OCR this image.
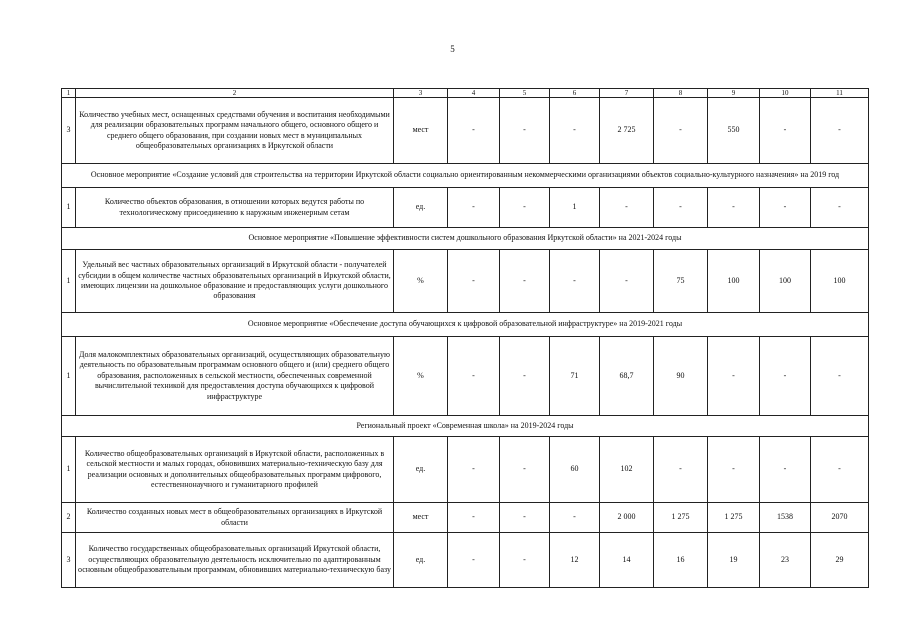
5
1	2	3	4	5	6	7	8	9	10	11
3	Количество учебных мест, оснащенных средствами обучения и воспитания необходимыми для реализации образовательных программ начального общего, основного общего и среднего общего образования, при создании новых мест в муниципальных общеобразовательных организациях в Иркутской области	мест	-	-	-	2 725	-	550	-	-
Основное мероприятие «Создание условий для строительства на территории Иркутской области социально ориентированным некоммерческими организациями объектов социально-культурного назначения» на 2019 год										
1	Количество объектов образования, в отношении которых ведутся работы по технологическому присоединению к наружным инженерным сетам	ед.	-	-	1	-	-	-	-	-
Основное мероприятие «Повышение эффективности систем дошкольного образования Иркутской области» на 2021-2024 годы										
1	Удельный вес частных образовательных организаций в Иркутской области - получателей субсидии в общем количестве частных образовательных организаций в Иркутской области, имеющих лицензии на дошкольное образование и предоставляющих услуги дошкольного образования	%	-	-	-	-	75	100	100	100
Основное мероприятие «Обеспечение доступа обучающихся к цифровой образовательной инфраструктуре» на 2019-2021 годы										
1	Доля малокомплектных образовательных организаций, осуществляющих образовательную деятельность по образовательным программам основного общего и (или) среднего общего образования, расположенных в сельской местности, обеспеченных современной вычислительной техникой для предоставления доступа обучающихся к цифровой инфраструктуре	%	-	-	71	68,7	90	-	-	-
Региональный проект «Современная школа» на 2019-2024 годы										
1	Количество общеобразовательных организаций в Иркутской области, расположенных в сельской местности и малых городах, обновивших материально-техническую базу для реализации основных и дополнительных общеобразовательных программ цифрового, естественнонаучного и гуманитарного профилей	ед.	-	-	60	102	-	-	-	-
2	Количество созданных новых мест в общеобразовательных организациях в Иркутской области	мест	-	-	-	2 000	1 275	1 275	1538	2070
3	Количество государственных общеобразовательных организаций Иркутской области, осуществляющих образовательную деятельность исключительно по адаптированным основным общеобразовательным программам, обновивших материально-техническую базу	ед.	-	-	12	14	16	19	23	29
